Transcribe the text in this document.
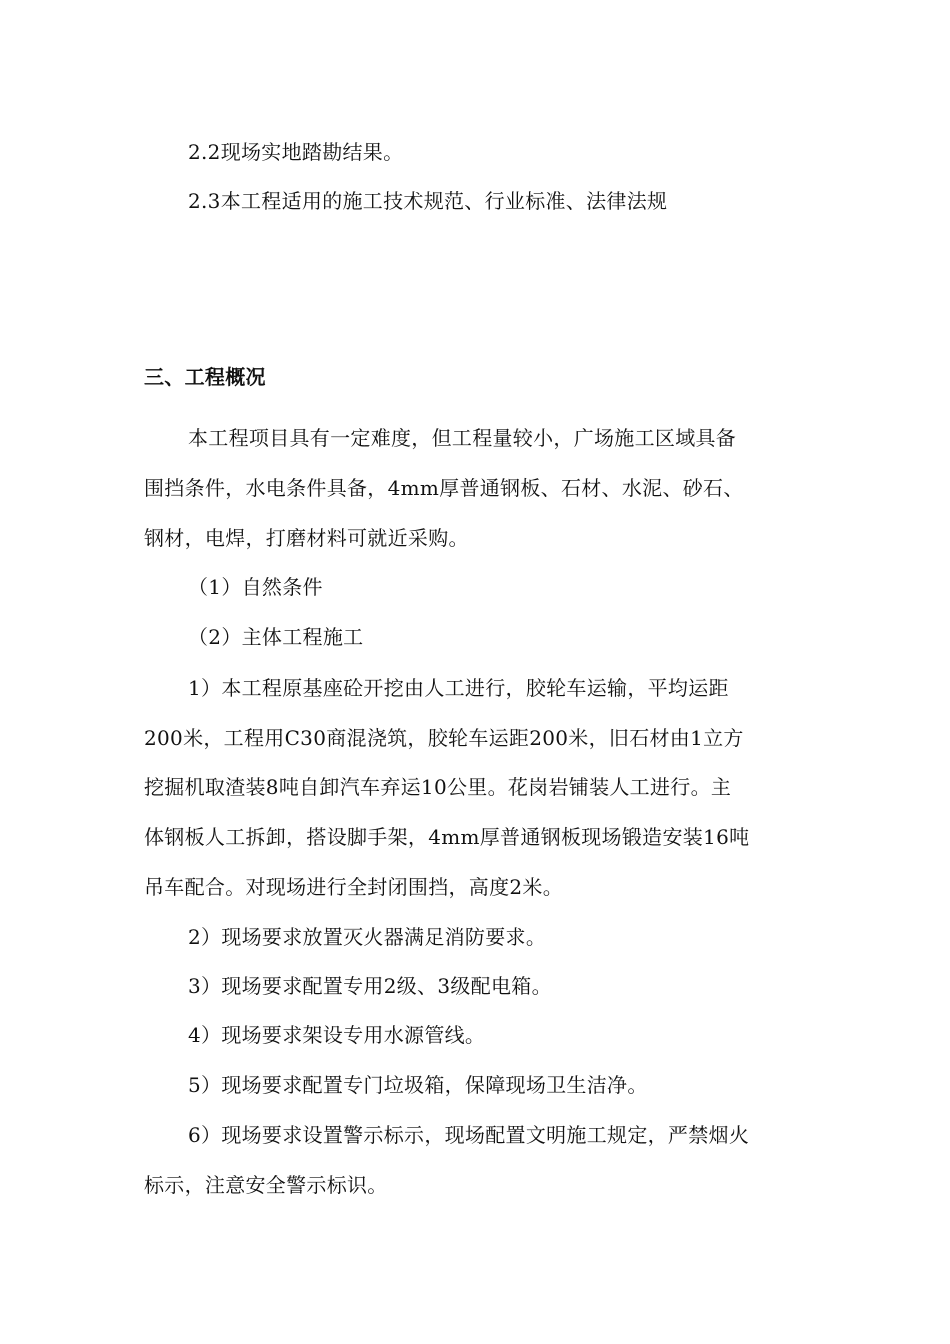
2.2现场实地踏勘结果。
2.3本工程适用的施工技术规范、行业标准、法律法规
三、工程概况
本工程项目具有一定难度，但工程量较小，广场施工区域具备
围挡条件，水电条件具备，4mm厚普通钢板、石材、水泥、砂石、
钢材，电焊，打磨材料可就近采购。
（1）自然条件
（2）主体工程施工
1）本工程原基座砼开挖由人工进行，胶轮车运输，平均运距
200米，工程用C30商混浇筑，胶轮车运距200米，旧石材由1立方
挖掘机取渣装8吨自卸汽车弃运10公里。花岗岩铺装人工进行。主
体钢板人工拆卸，搭设脚手架，4mm厚普通钢板现场锻造安装16吨
吊车配合。对现场进行全封闭围挡，高度2米。
2）现场要求放置灭火器满足消防要求。
3）现场要求配置专用2级、3级配电箱。
4）现场要求架设专用水源管线。
5）现场要求配置专门垃圾箱，保障现场卫生洁净。
6）现场要求设置警示标示，现场配置文明施工规定，严禁烟火
标示，注意安全警示标识。
